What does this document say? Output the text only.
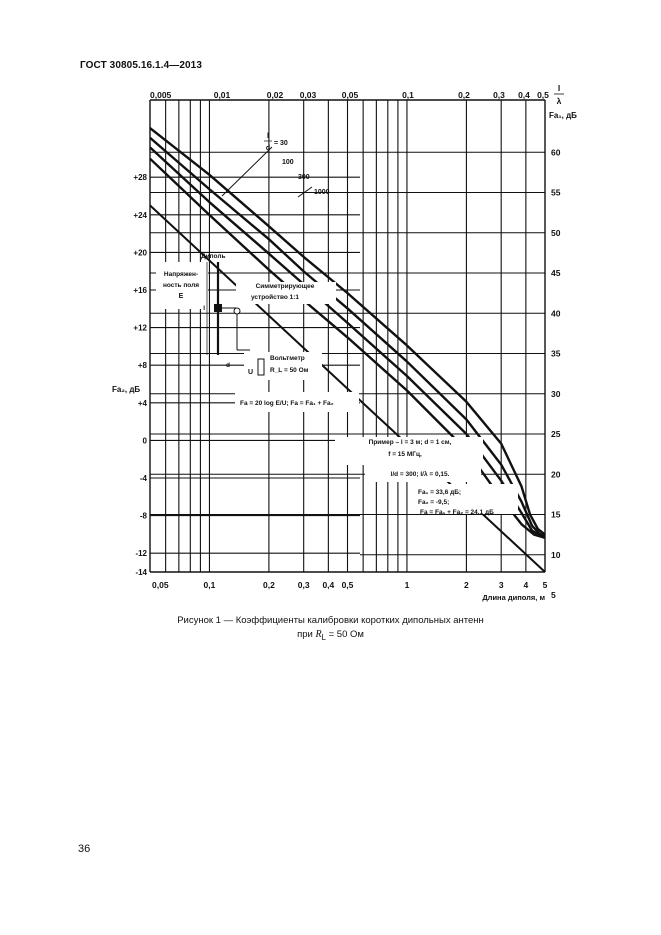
ГОСТ 30805.16.1.4—2013
0,005	0,01	0,02 0,03	0,05	0,1	0,2	0,3 0,4 0,5
l
λ
0,05	0,1	0,2	0,3 0,4 0,5	1	2	3 4 5
Длина диполя, м
Fa₁, дБ
60
55
50
45
40
35
30
25
20
15
10
5
Fa₂, дБ
+28
+24
+20
+16
+12
+8
+4
0
-4
-8
-12
-14
l
d
= 30
100
300
1000
Напряжен-
ность поля
E
Диполь
l
Симметрирующее
устройство 1:1
d
U
Вольтметр
R_L = 50 Ом
Fa = 20 log E/U; Fa = Fa₁ + Fa₂
Пример – l = 3 м; d = 1 см,
f = 15 МГц,
l/d = 300; l/λ = 0,15.
Fa₁ = 33,6 дБ;
Fa₂ = -9,5;
Fa = Fa₁ + Fa₂ = 24,1 дБ
Рисунок 1 — Коэффициенты калибровки коротких дипольных антенн
при $R_L = 50$ Ом
36
